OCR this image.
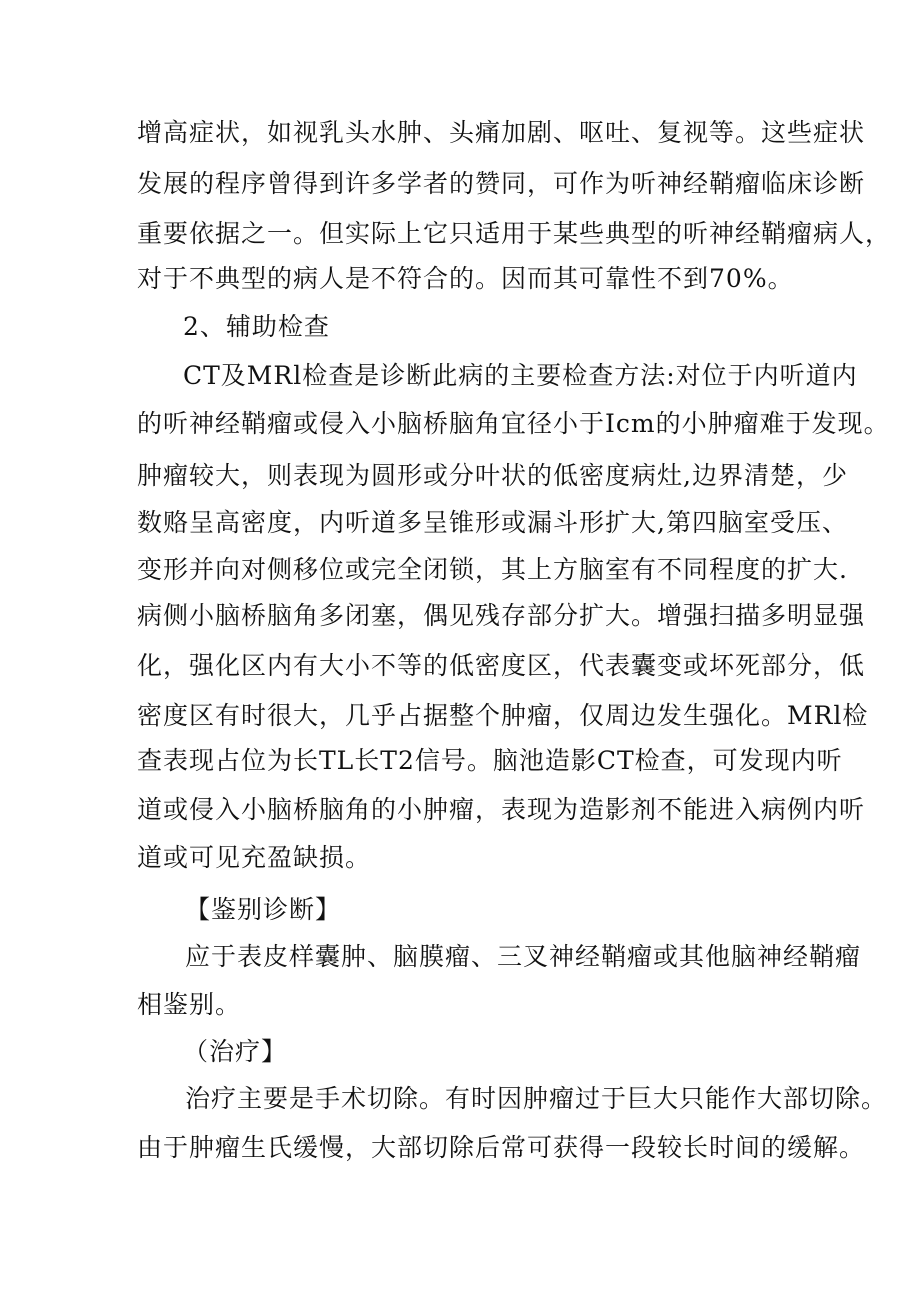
增高症状，如视乳头水肿、头痛加剧、呕吐、复视等。这些症状
发展的程序曾得到许多学者的赞同，可作为听神经鞘瘤临床诊断
重要依据之一。但实际上它只适用于某些典型的听神经鞘瘤病人，
对于不典型的病人是不符合的。因而其可靠性不到70%。
2、辅助检查
CT及MRl检查是诊断此病的主要检查方法:对位于内听道内
的听神经鞘瘤或侵入小脑桥脑角宜径小于Icm的小肿瘤难于发现。
肿瘤较大，则表现为圆形或分叶状的低密度病灶,边界清楚，少
数赂呈高密度，内听道多呈锥形或漏斗形扩大,第四脑室受压、
变形并向对侧移位或完全闭锁，其上方脑室有不同程度的扩大.
病侧小脑桥脑角多闭塞，偶见残存部分扩大。增强扫描多明显强
化，强化区内有大小不等的低密度区，代表囊变或坏死部分，低
密度区有时很大，几乎占据整个肿瘤，仅周边发生强化。MRl检
查表现占位为长TL长T2信号。脑池造影CT检查，可发现内听
道或侵入小脑桥脑角的小肿瘤，表现为造影剂不能进入病例内听
道或可见充盈缺损。
【鉴别诊断】
应于表皮样囊肿、脑膜瘤、三叉神经鞘瘤或其他脑神经鞘瘤
相鉴别。
（治疗】
治疗主要是手术切除。有时因肿瘤过于巨大只能作大部切除。
由于肿瘤生氏缓慢，大部切除后常可获得一段较长时间的缓解。
